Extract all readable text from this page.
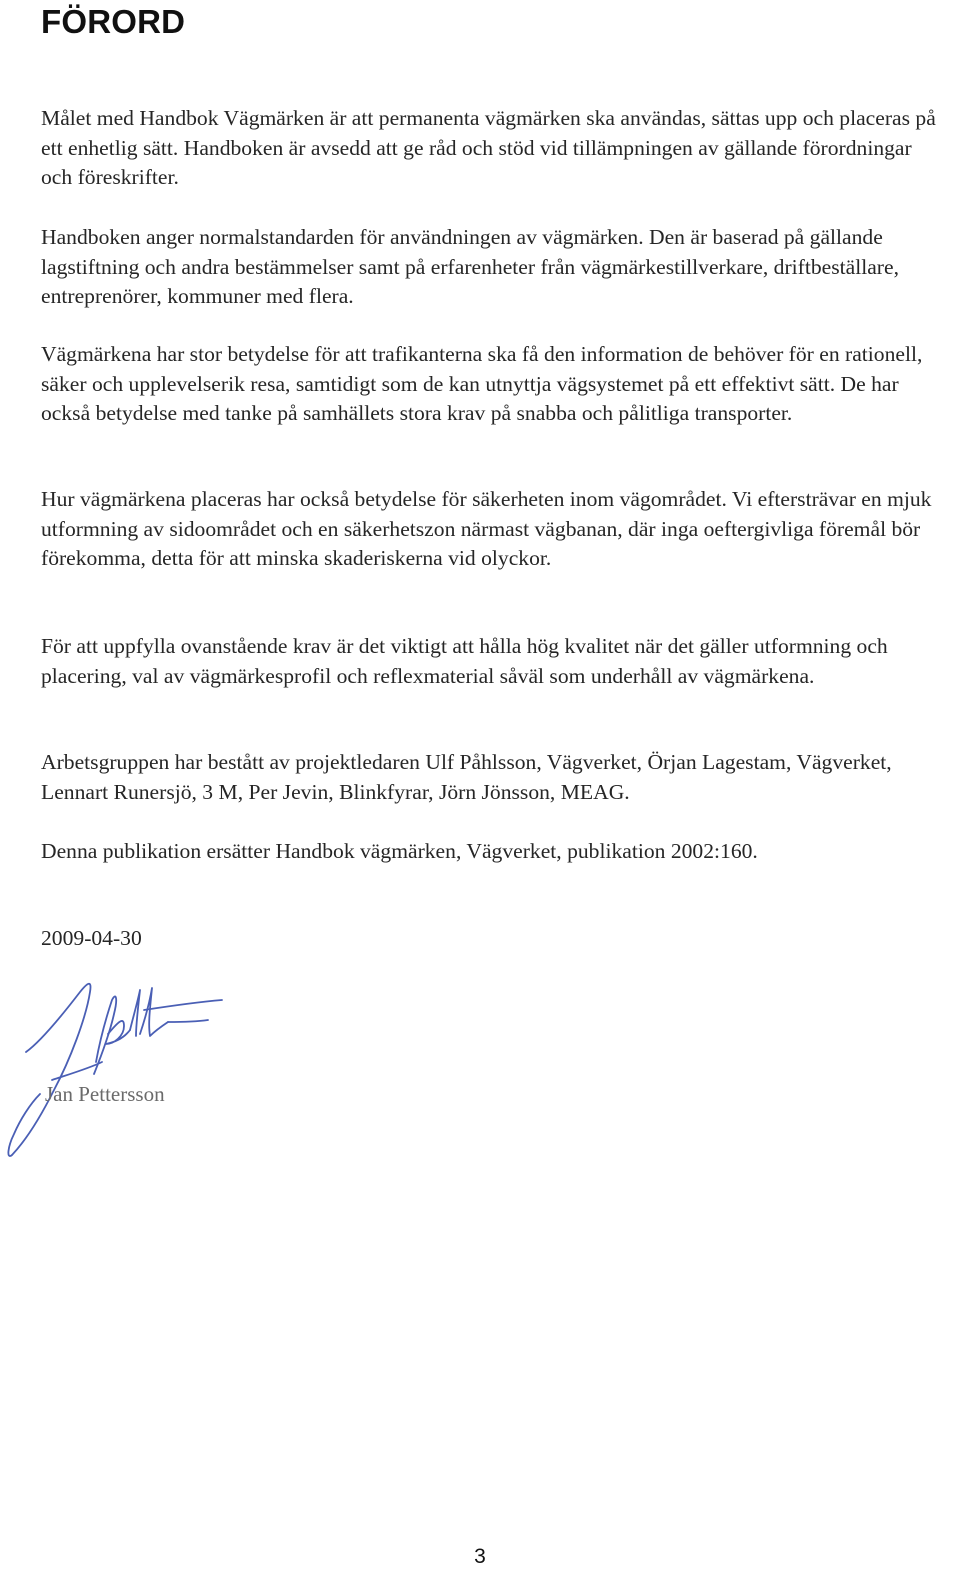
FÖRORD

Målet med Handbok Vägmärken är att permanenta vägmärken ska användas, sättas upp och placeras på ett enhetlig sätt. Handboken är avsedd att ge råd och stöd vid tillämpningen av gällande förordningar och föreskrifter.

Handboken anger normalstandarden för användningen av vägmärken. Den är baserad på gällande lagstiftning och andra bestämmelser samt på erfarenheter från vägmärkestillverkare, driftbeställare, entreprenörer, kommuner med flera.

Vägmärkena har stor betydelse för att trafikanterna ska få den information de behöver för en rationell, säker och upplevelserik resa, samtidigt som de kan utnyttja vägsystemet på ett effektivt sätt. De har också betydelse med tanke på samhällets stora krav på snabba och pålitliga transporter.

Hur vägmärkena placeras har också betydelse för säkerheten inom vägområdet. Vi eftersträvar en mjuk utformning av sidoområdet och en säkerhetszon närmast vägbanan, där inga oeftergivliga föremål bör förekomma, detta för att minska skaderiskerna vid olyckor.

För att uppfylla ovanstående krav är det viktigt att hålla hög kvalitet när det gäller utformning och placering, val av vägmärkesprofil och reflexmaterial såväl som underhåll av vägmärkena.

Arbetsgruppen har bestått av projektledaren Ulf Påhlsson, Vägverket, Örjan Lagestam, Vägverket, Lennart Runersjö, 3 M, Per Jevin, Blinkfyrar, Jörn Jönsson, MEAG.

Denna publikation ersätter Handbok vägmärken, Vägverket, publikation 2002:160.

2009-04-30

Jan Pettersson

3
